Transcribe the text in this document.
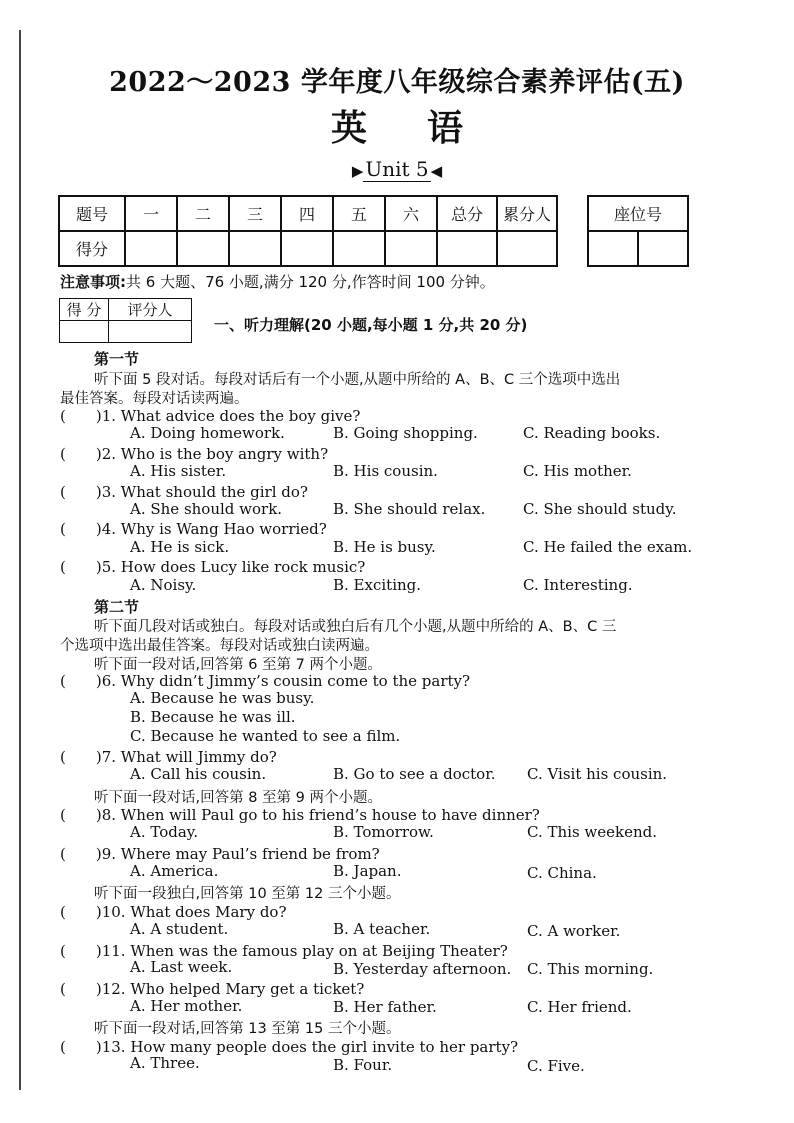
2022～2023 学年度八年级综合素养评估(五)
英语
▶ Unit 5 ◀
题号	一	二	三	四	五	六	总分	累分人
得分								
座位号

注意事项:共 6 大题、76 小题,满分 120 分,作答时间 100 分钟。
得 分	评分人

一、听力理解(20 小题,每小题 1 分,共 20 分)
第一节
听下面 5 段对话。每段对话后有一个小题,从题中所给的 A、B、C 三个选项中选出
最佳答案。每段对话读两遍。
(　　)1. What advice does the boy give?
A. Doing homework.	B. Going shopping.	C. Reading books.
(　　)2. Who is the boy angry with?
A. His sister.	B. His cousin.	C. His mother.
(　　)3. What should the girl do?
A. She should work.	B. She should relax.	C. She should study.
(　　)4. Why is Wang Hao worried?
A. He is sick.	B. He is busy.	C. He failed the exam.
(　　)5. How does Lucy like rock music?
A. Noisy.	B. Exciting.	C. Interesting.
第二节
听下面几段对话或独白。每段对话或独白后有几个小题,从题中所给的 A、B、C 三
个选项中选出最佳答案。每段对话或独白读两遍。
听下面一段对话,回答第 6 至第 7 两个小题。
(　　)6. Why didn’t Jimmy’s cousin come to the party?
A. Because he was busy.
B. Because he was ill.
C. Because he wanted to see a film.
(　　)7. What will Jimmy do?
A. Call his cousin.	B. Go to see a doctor. C. Visit his cousin.
听下面一段对话,回答第 8 至第 9 两个小题。
(　　)8. When will Paul go to his friend’s house to have dinner?
A. Today.	B. Tomorrow.	C. This weekend.
(　　)9. Where may Paul’s friend be from?
A. America.	B. Japan.	C. China.
听下面一段独白,回答第 10 至第 12 三个小题。
(　　)10. What does Mary do?
A. A student.	B. A teacher.	C. A worker.
(　　)11. When was the famous play on at Beijing Theater?
A. Last week.	B. Yesterday afternoon. C. This morning.
(　　)12. Who helped Mary get a ticket?
A. Her mother.	B. Her father.	C. Her friend.
听下面一段对话,回答第 13 至第 15 三个小题。
(　　)13. How many people does the girl invite to her party?
A. Three.	B. Four.	C. Five.
